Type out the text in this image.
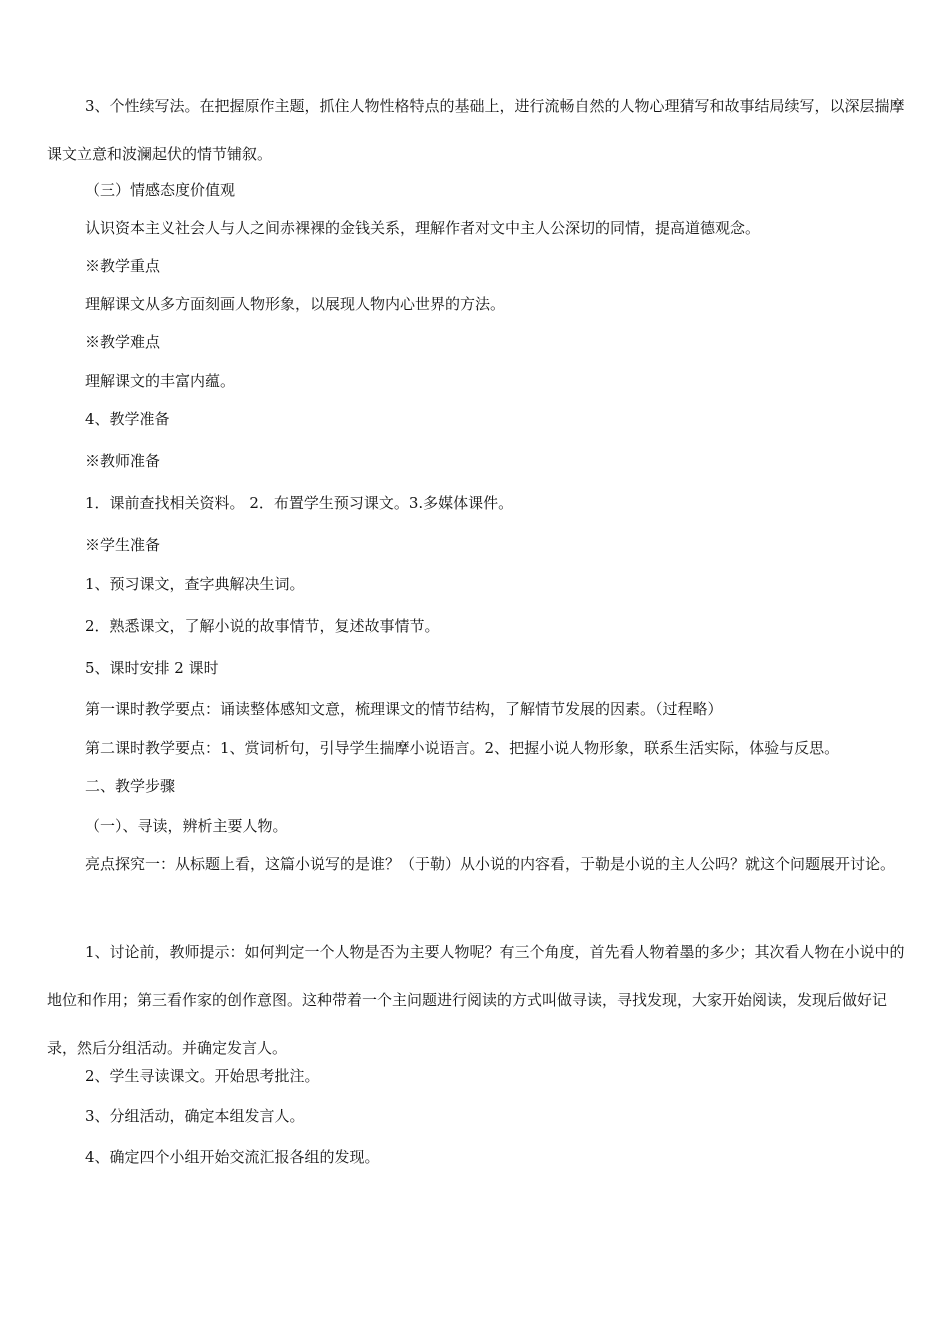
3、个性续写法。在把握原作主题，抓住人物性格特点的基础上，进行流畅自然的人物心理猜写和故事结局续写，以深层揣摩课文立意和波澜起伏的情节铺叙。

（三）情感态度价值观

认识资本主义社会人与人之间赤裸裸的金钱关系，理解作者对文中主人公深切的同情，提高道德观念。

※教学重点

理解课文从多方面刻画人物形象，以展现人物内心世界的方法。

※教学难点

理解课文的丰富内蕴。

4、教学准备

※教师准备

1．课前查找相关资料。 2．布置学生预习课文。3.多媒体课件。

※学生准备

1、预习课文，查字典解决生词。

2．熟悉课文，了解小说的故事情节，复述故事情节。

5、课时安排 2 课时

第一课时教学要点：诵读整体感知文意，梳理课文的情节结构，了解情节发展的因素。（过程略）

第二课时教学要点：1、赏词析句，引导学生揣摩小说语言。2、把握小说人物形象，联系生活实际，体验与反思。

二、教学步骤

（一）、寻读，辨析主要人物。

亮点探究一：从标题上看，这篇小说写的是谁？（于勒）从小说的内容看，于勒是小说的主人公吗？就这个问题展开讨论。

1、讨论前，教师提示：如何判定一个人物是否为主要人物呢？有三个角度，首先看人物着墨的多少；其次看人物在小说中的地位和作用；第三看作家的创作意图。这种带着一个主问题进行阅读的方式叫做寻读，寻找发现，大家开始阅读，发现后做好记录，然后分组活动。并确定发言人。

2、学生寻读课文。开始思考批注。

3、分组活动，确定本组发言人。

4、确定四个小组开始交流汇报各组的发现。
